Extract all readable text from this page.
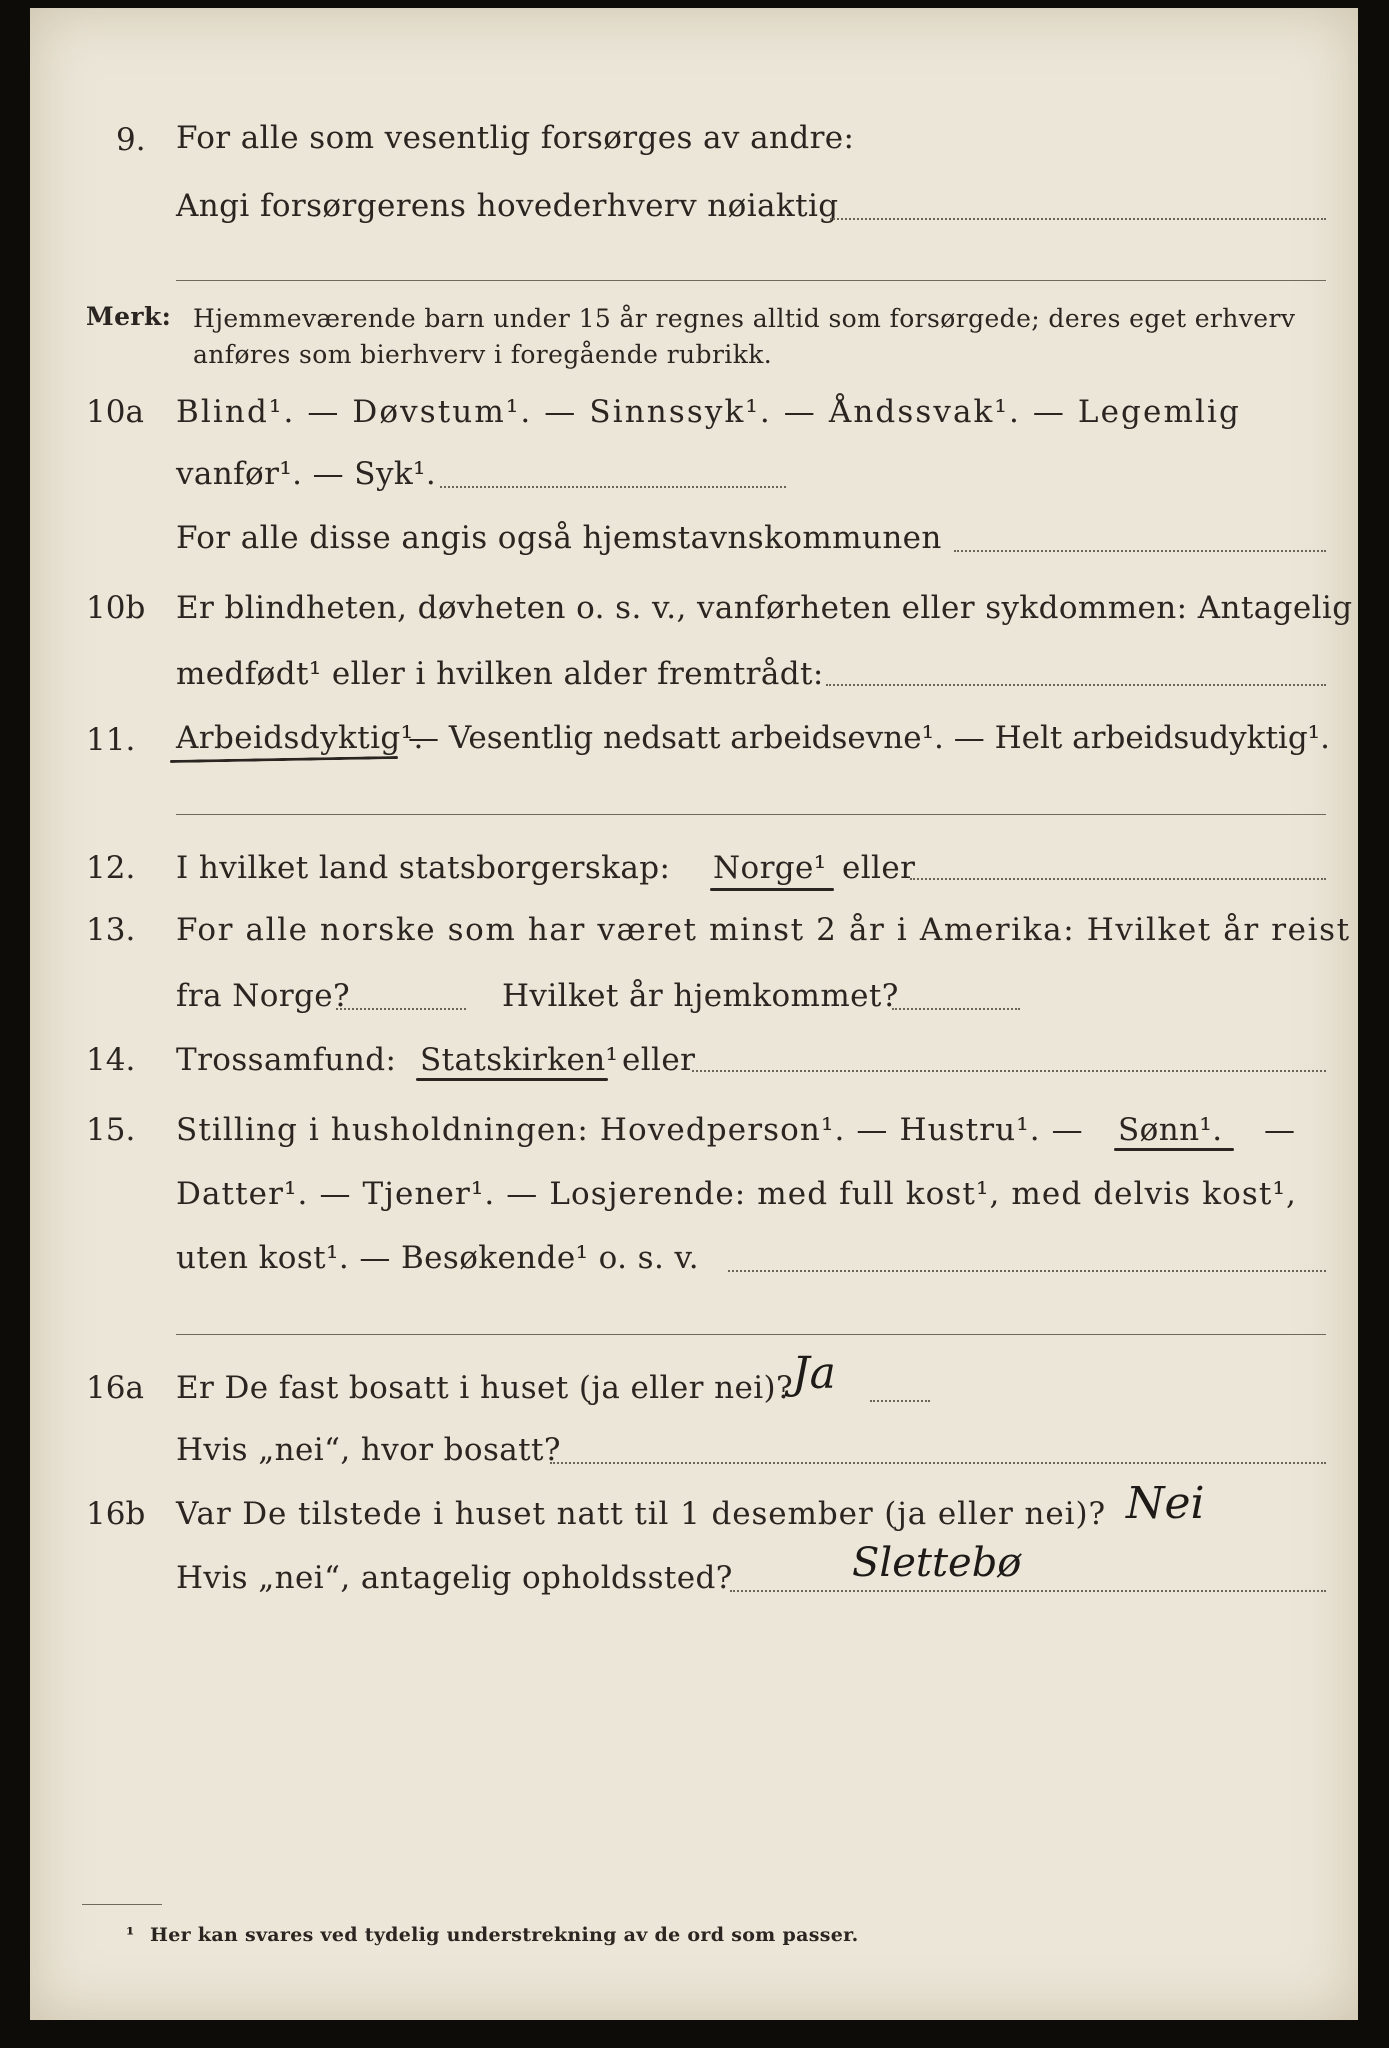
9. For alle som vesentlig forsørges av andre:
Angi forsørgerens hovederhverv nøiaktig
Merk: Hjemmeværende barn under 15 år regnes alltid som forsørgede; deres eget erhverv
anføres som bierhverv i foregående rubrikk.
10a Blind¹. — Døvstum¹. — Sinnssyk¹. — Åndssvak¹. — Legemlig
vanfør¹. — Syk¹.
For alle disse angis også hjemstavnskommunen
10b Er blindheten, døvheten o. s. v., vanførheten eller sykdommen: Antagelig
medfødt¹ eller i hvilken alder fremtrådt:
11. Arbeidsdyktig¹.
— Vesentlig nedsatt arbeidsevne¹. — Helt arbeidsudyktig¹.
12. I hvilket land statsborgerskap: Norge¹ eller
13. For alle norske som har været minst 2 år i Amerika: Hvilket år reist
fra Norge?	Hvilket år hjemkommet?
14. Trossamfund: Statskirken¹ eller
15. Stilling i husholdningen: Hovedperson¹. — Hustru¹. — Sønn¹. —
Datter¹. — Tjener¹. — Losjerende: med full kost¹, med delvis kost¹,
uten kost¹. — Besøkende¹ o. s. v.
16a Er De fast bosatt i huset (ja eller nei)?
Ja
Hvis „nei“, hvor bosatt?
16b Var De tilstede i huset natt til 1 desember (ja eller nei)? Nei
Hvis „nei“, antagelig opholdssted?	Slettebø
¹ Her kan svares ved tydelig understrekning av de ord som passer.
